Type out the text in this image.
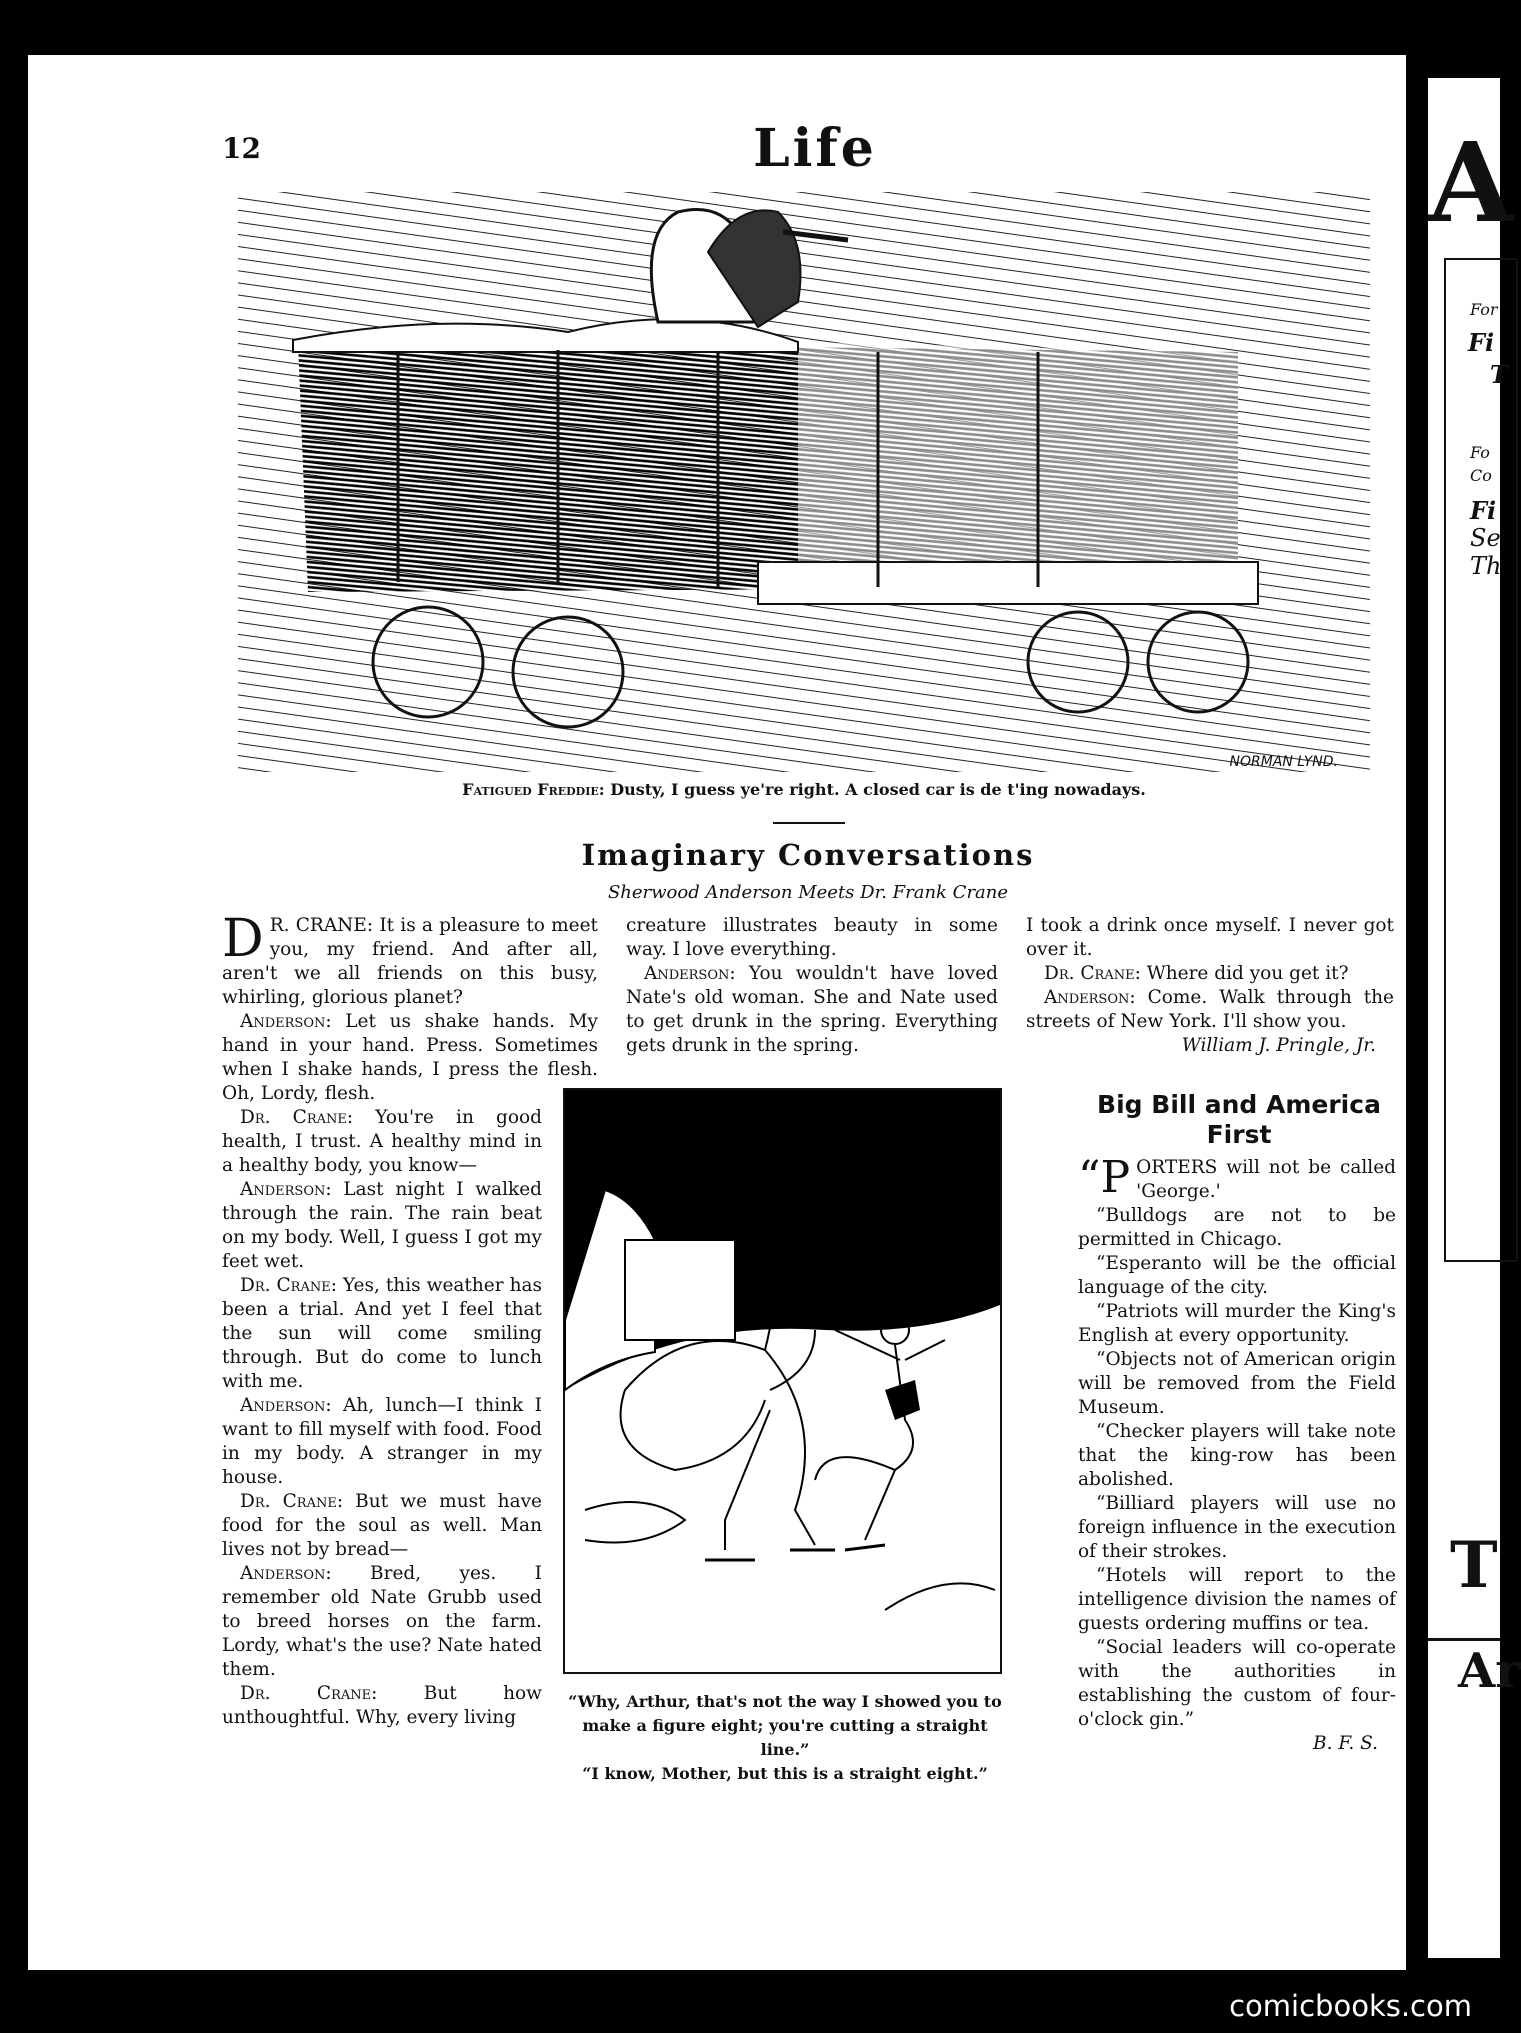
A
For
Fi
T
Fo
Co
Fi
Se
Th
T
Ar
12	Life
NORMAN LYND.
Fatigued Freddie: Dusty, I guess ye're right. A closed car is de t'ing nowadays.
Imaginary Conversations
Sherwood Anderson Meets Dr. Frank Crane

D R. CRANE: It is a pleasure to meet you, my friend. And after all, aren't we all friends on this busy, whirling, glorious planet?

Anderson: Let us shake hands. My hand in your hand. Press. Sometimes when I shake hands, I press the flesh. Oh, Lordy, flesh.

Dr. Crane: You're in good health, I trust. A healthy mind in a healthy body, you know—

Anderson: Last night I walked through the rain. The rain beat on my body. Well, I guess I got my feet wet.

Dr. Crane: Yes, this weather has been a trial. And yet I feel that the sun will come smiling through. But do come to lunch with me.

Anderson: Ah, lunch—I think I want to fill myself with food. Food in my body. A stranger in my house.

Dr. Crane: But we must have food for the soul as well. Man lives not by bread—

Anderson: Bred, yes. I remember old Nate Grubb used to breed horses on the farm. Lordy, what's the use? Nate hated them.

Dr. Crane: But how unthoughtful. Why, every living

creature illustrates beauty in some way. I love everything.

Anderson: You wouldn't have loved Nate's old woman. She and Nate used to get drunk in the spring. Everything gets drunk in the spring.

I took a drink once myself. I never got over it.

Dr. Crane: Where did you get it?

Anderson: Come. Walk through the streets of New York. I'll show you.

William J. Pringle, Jr.
“Why, Arthur, that's not the way I showed you to make a figure eight; you're cutting a straight line.”
“I know, Mother, but this is a straight eight.”
Big Bill and America First

“PORTERS will not be called 'George.'

“Bulldogs are not to be permitted in Chicago.

“Esperanto will be the official language of the city.

“Patriots will murder the King's English at every opportunity.

“Objects not of American origin will be removed from the Field Museum.

“Checker players will take note that the king-row has been abolished.

“Billiard players will use no foreign influence in the execution of their strokes.

“Hotels will report to the intelligence division the names of guests ordering muffins or tea.

“Social leaders will co-operate with the authorities in establishing the custom of four-o'clock gin.”

B. F. S.
comicbooks.com
